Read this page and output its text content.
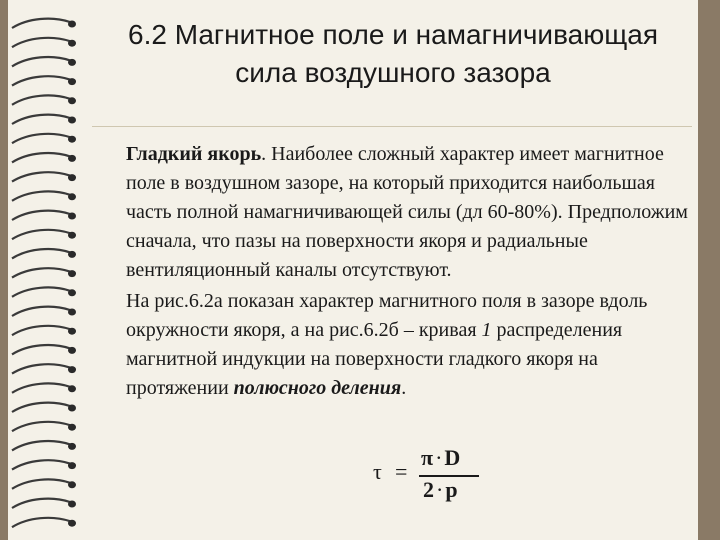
6.2 Магнитное поле и намагничивающая
сила воздушного зазора

Гладкий якорь. Наиболее сложный характер имеет магнитное поле в воздушном зазоре, на который приходится наибольшая часть полной намагничивающей силы (дл 60-80%). Предположим сначала, что пазы на поверхности якоря и радиальные вентиляционный каналы отсутствуют.

На рис.6.2а показан характер магнитного поля в зазоре вдоль окружности якоря, а на рис.6.2б – кривая 1 распределения магнитной индукции на поверхности гладкого якоря на протяжении полюсного деления.

τ =
π·D
2·p
